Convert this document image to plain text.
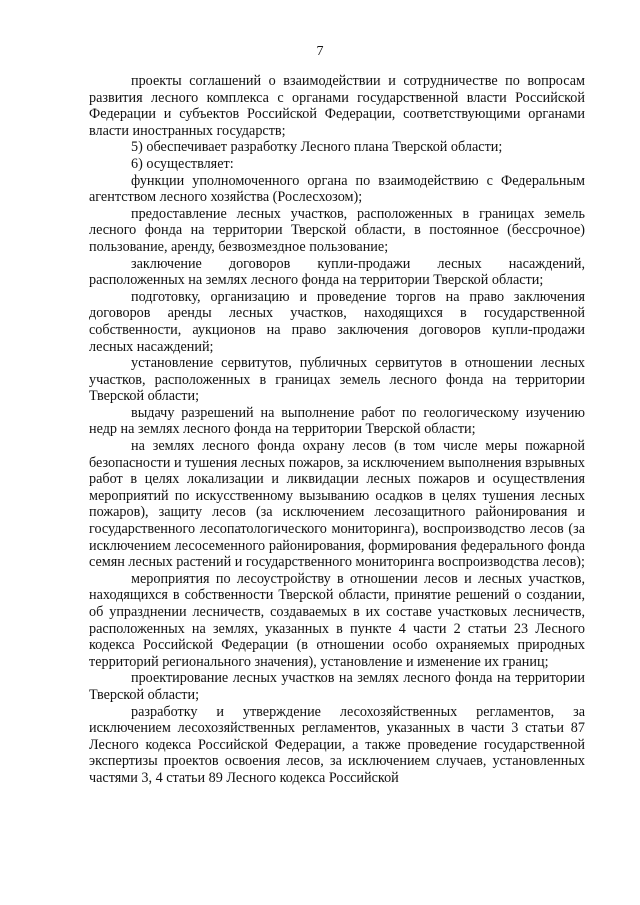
7

проекты соглашений о взаимодействии и сотрудничестве по вопросам развития лесного комплекса с органами государственной власти Российской Федерации и субъектов Российской Федерации, соответствующими органами власти иностранных государств;

5) обеспечивает разработку Лесного плана Тверской области;

6) осуществляет:

функции уполномоченного органа по взаимодействию с Федеральным агентством лесного хозяйства (Рослесхозом);

предоставление лесных участков, расположенных в границах земель лесного фонда на территории Тверской области, в постоянное (бессрочное) пользование, аренду, безвозмездное пользование;

заключение договоров купли-продажи лесных насаждений, расположенных на землях лесного фонда на территории Тверской области;

подготовку, организацию и проведение торгов на право заключения договоров аренды лесных участков, находящихся в государственной собственности, аукционов на право заключения договоров купли-продажи лесных насаждений;

установление сервитутов, публичных сервитутов в отношении лесных участков, расположенных в границах земель лесного фонда на территории Тверской области;

выдачу разрешений на выполнение работ по геологическому изучению недр на землях лесного фонда на территории Тверской области;

на землях лесного фонда охрану лесов (в том числе меры пожарной безопасности и тушения лесных пожаров, за исключением выполнения взрывных работ в целях локализации и ликвидации лесных пожаров и осуществления мероприятий по искусственному вызыванию осадков в целях тушения лесных пожаров), защиту лесов (за исключением лесозащитного районирования и государственного лесопатологического мониторинга), воспроизводство лесов (за исключением лесосеменного районирования, формирования федерального фонда семян лесных растений и государственного мониторинга воспроизводства лесов);

мероприятия по лесоустройству в отношении лесов и лесных участков, находящихся в собственности Тверской области, принятие решений о создании, об упразднении лесничеств, создаваемых в их составе участковых лесничеств, расположенных на землях, указанных в пункте 4 части 2 статьи 23 Лесного кодекса Российской Федерации (в отношении особо охраняемых природных территорий регионального значения), установление и изменение их границ;

проектирование лесных участков на землях лесного фонда на территории Тверской области;

разработку и утверждение лесохозяйственных регламентов, за исключением лесохозяйственных регламентов, указанных в части 3 статьи 87 Лесного кодекса Российской Федерации, а также проведение государственной экспертизы проектов освоения лесов, за исключением случаев, установленных частями 3, 4 статьи 89 Лесного кодекса Российской
